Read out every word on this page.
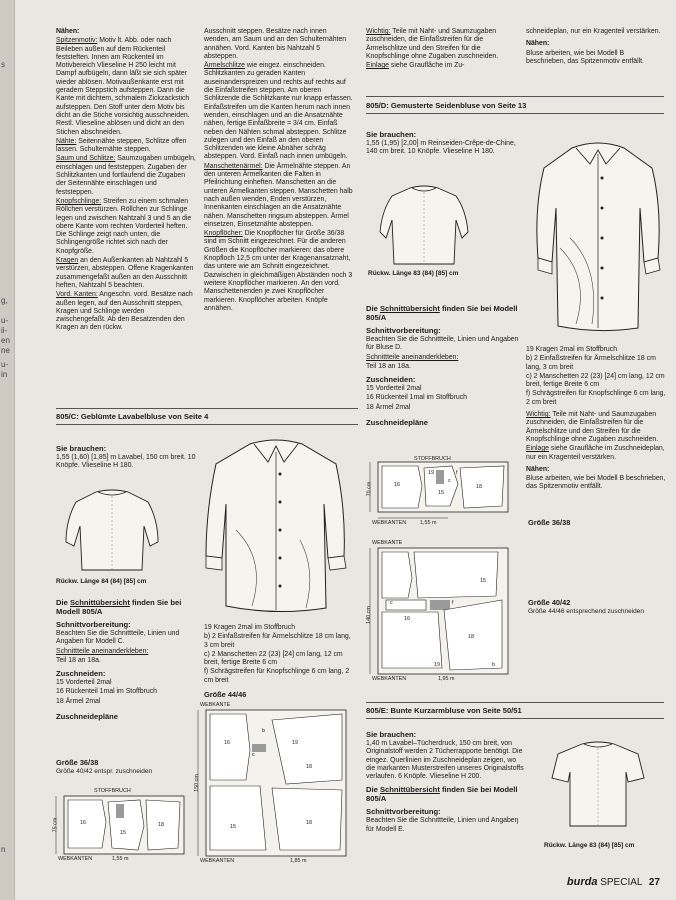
s
g,
u-
ii-
en
ne
u-
in
n

Nähen:

Spitzenmotiv: Motiv lt. Abb. oder nach Beileben außen auf dem Rückenteil feststeften. Innen am Rückenteil im Motivbereich Vlieseline H 250 leicht mit Dampf aufbügeln, dann läßt sie sich später wieder ablösen. Motivaußenkante erst mit geradem Steppstich aufsteppen. Dann die Kante mit dichtem, schmalem Zickzackstich aufsteppen. Den Stoff unter dem Motiv bis dicht an die Stiche vorsichtig ausschneiden. Restl. Vlieseline ablösen und dicht an den Stichen abschneiden.

Nähte: Seitennähte steppen, Schlitze offen lassen. Schulternähte steppen.

Saum und Schlitze: Saumzugaben umbügeln, einschlagen und feststeppen. Zugaben der Schlitzkanten und fortlaufend die Zugaben der Seitennähte einschlagen und feststeppen.

Knopfschlinge: Streifen zu einem schmalen Röllchen verstürzen. Röllchen zur Schlinge legen und zwischen Nahtzahl 3 und 5 an die obere Kante vom rechten Vorderteil heften. Die Schlinge zeigt nach unten, die Schlingengröße richtet sich nach der Knopfgröße.

Kragen an den Außenkanten ab Nahtzahl 5 verstürzen, absteppen. Offene Kragenkanten zusammengefaßt außen an den Ausschnitt heften, Nahtzahl 5 beachten.

Vord. Kanten: Angeschn. vord. Besätze nach außen legen, auf den Ausschnitt steppen, Kragen und Schlinge werden zwischengefaßt. Ab den Besatzenden den Kragen an den rückw.

Ausschnitt steppen. Besätze nach innen wenden, am Saum und an den Schulternähten annähen. Vord. Kanten bis Nahtzahl 5 absteppen.

Ärmelschlitze wie eingez. einschneiden. Schlitzkanten zu geraden Kanten auseinanderspreizen und rechts auf rechts auf die Einfaßstreifen steppen. Am oberen Schlitzende die Schlitzkante nur knapp erfassen. Einfaßstreifen um die Kanten herum nach innen wenden, einschlagen und an die Ansatznähte nähen, fertige Einfaßbreite = 3/4 cm. Einfaß neben den Nähten schmal absteppen. Schlitze zulegen und den Einfaß an den oberen Schlitzenden wie kleine Abnäher schräg absteppen. Vord. Einfaß nach innen umbügeln.

Manschettenärmel: Die Ärmelnähte steppen. An den unteren Ärmelkanten die Falten in Pfeilrichtung einheften. Manschetten an die unteren Ärmelkanten steppen. Manschetten halb nach außen wenden, Enden verstürzen, Innenkanten einschlagen an die Ansatznähte nähen. Manschetten ringsum absteppen. Ärmel einsetzen, Einsetznähte absteppen.

Knopflöcher: Die Knopflöcher für Größe 36/38 sind im Schnitt eingezeichnet. Für die anderen Größen die Knopflöcher markieren: das obere Knopfloch 12,5 cm unter der Kragenansatznaht, das untere wie am Schnitt eingezeichnet. Dazwischen in gleichmäßigen Abständen noch 3 weitere Knopflöcher markieren. An den vord. Manschettenenden je zwei Knopflöcher markieren. Knopflöcher arbeiten. Knöpfe annähen.

Wichtig: Teile mit Naht- und Saumzugaben zuschneiden, die Einfaßstreifen für die Ärmelschlitze und den Streifen für die Knopfschlinge ohne Zugaben zuschneiden.

Einlage siehe Grauflâche im Zu-

schneideplan, nur ein Kragenteil verstärken.

Nähen:

Bluse arbeiten, wie bei Modell B beschrieben, das Spitzenmotiv entfällt.

805/D: Gemusterte Seidenbluse von Seite 13

Sie brauchen:

1,55 (1,95) [2,00] m Reinseiden-Crêpe-de-Chine, 140 cm breit. 10 Knöpfe. Vlieseline H 180.

Rückw. Länge 83 (84) [85] cm

Die Schnittübersicht finden Sie bei Modell 805/A

Schnittvorbereitung:

Beachten Sie die Schnittteile, Linien und Angaben für Bluse D.

Schnittteile aneinanderkleben:

Teil 18 an 18a.

Zuschneiden:

15 Vorderteil 2mal

16 Rückenteil 1mal im Stoffbruch

18 Ärmel 2mal

Zuschneidepläne

19 Kragen 2mal im Stoffbruch

b) 2 Einfaßstreifen für Ärmelschlitze 18 cm lang, 3 cm breit

c) 2 Manschetten 22 (23) [24] cm lang, 12 cm breit, fertige Breite 6 cm

f) Schrägstreifen für Knopfschlinge 6 cm lang, 2 cm breit

Wichtig: Teile mit Naht- und Saumzugaben zuschneiden, die Einfaßstreifen für die Ärmelschlitze und den Streifen für die Knopfschlinge ohne Zugaben zuschneiden.

Einlage siehe Grauflâche im Zuschneideplan, nur ein Kragenteil verstärken.

Nähen:

Bluse arbeiten, wie bei Modell B beschrieben, das Spitzenmotiv entfällt.

STOFFBRUCH
16
19
15
18
c
f
70 cm
WEBKANTEN	1,55 m	Größe 36/38
WEBKANTE
15
c
16
18
f
19	b
140 cm
WEBKANTEN	1,95 m
Größe 40/42
Größe 44/46 entsprechend zuschneiden
805/E: Bunte Kurzarmbluse von Seite 50/51

Sie brauchen:

1,40 m Lavabel–Tücherdruck, 150 cm breit, von Originalstoff werden 2 Tücherrapporte benötigt. Die eingez. Querlinien im Zuschneideplan zeigen, wo die markanten Musterstreifen unseres Originalstoffs verlaufen. 6 Knöpfe. Vlieseline H 200.

Die Schnittübersicht finden Sie bei Modell 805/A

Schnittvorbereitung:

Beachten Sie die Schnittteile, Linien und Angabeŋ für Modell E.

Rückw. Länge 83 (84) [85] cm
805/C: Geblümte Lavabelbluse von Seite 4

Sie brauchen:

1,55 (1,60) [1,85] m Lavabel, 150 cm breit. 10 Knöpfe. Vlieseline H 180.

Rückw. Länge 84 (84) [85] cm

Die Schnittübersicht finden Sie bei Modell 805/A

Schnittvorbereitung:

Beachten Sie die Schnittteile, Linien und Angaben für Modell C.

Schnittteile aneinanderkleben:

Teil 18 an 18a.

Zuschneiden:

15 Vorderteil 2mal

16 Rückenteil 1mal im Stoffbruch

18 Ärmel 2mal

Zuschneidepläne

19 Kragen 2mal im Stoffbruch

b) 2 Einfaßstreifen für Ärmelschlitze 18 cm lang, 3 cm breit

c) 2 Manschetten 22 (23) [24] cm lang, 12 cm breit, fertige Breite 6 cm

f) Schrägstreifen für Knopfschlinge 6 cm lang, 2 cm breit

Größe 36/38
Größe 40/42 entspr. zuschneiden
STOFFBRUCH
16
15
18
75 cm
WEBKANTEN	1,55 m
Größe 44/46
WEBKANTE
16
c
b
19
18
15
18
150 cm
WEBKANTEN	1,85 m
burda SPECIAL 27
